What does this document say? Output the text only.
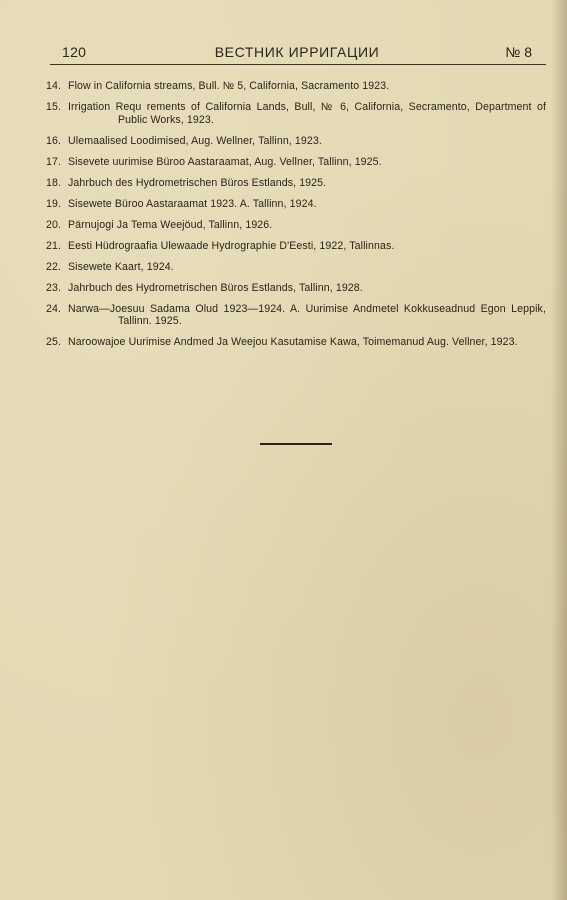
120	ВЕСТНИК ИРРИГАЦИИ	№ 8
14. Flow in California streams, Bull. № 5, California, Sacramento 1923.
15. Irrigation Requ rements of California Lands, Bull, № 6, California, Secramento, Department of Public Works, 1923.
16. Ulemaalised Loodimised, Aug. Wellner, Tallinn, 1923.
17. Sisevete uurimise Büroo Aastaraamat, Aug. Vellner, Tallinn, 1925.
18. Jahrbuch des Hydrometrischen Büros Estlands, 1925.
19. Sisewete Büroo Aastaraamat 1923. A. Tallinn, 1924.
20. Pärnujogi Ja Tema Weejöud, Tallinn, 1926.
21. Eesti Hüdrograafia Ulewaade Hydrographie D'Eesti, 1922, Tallinnas.
22. Sisewete Kaart, 1924.
23. Jahrbuch des Hydrometrischen Büros Estlands, Tallinn, 1928.
24. Narwa—Joesuu Sadama Olud 1923—1924. A. Uurimise Andmetel Kokkuseadnud Egon Leppik, Tallinn. 1925.
25. Naroowajoe Uurimise Andmed Ja Weejou Kasutamise Kawa, Toimemanud Aug. Vellner, 1923.
